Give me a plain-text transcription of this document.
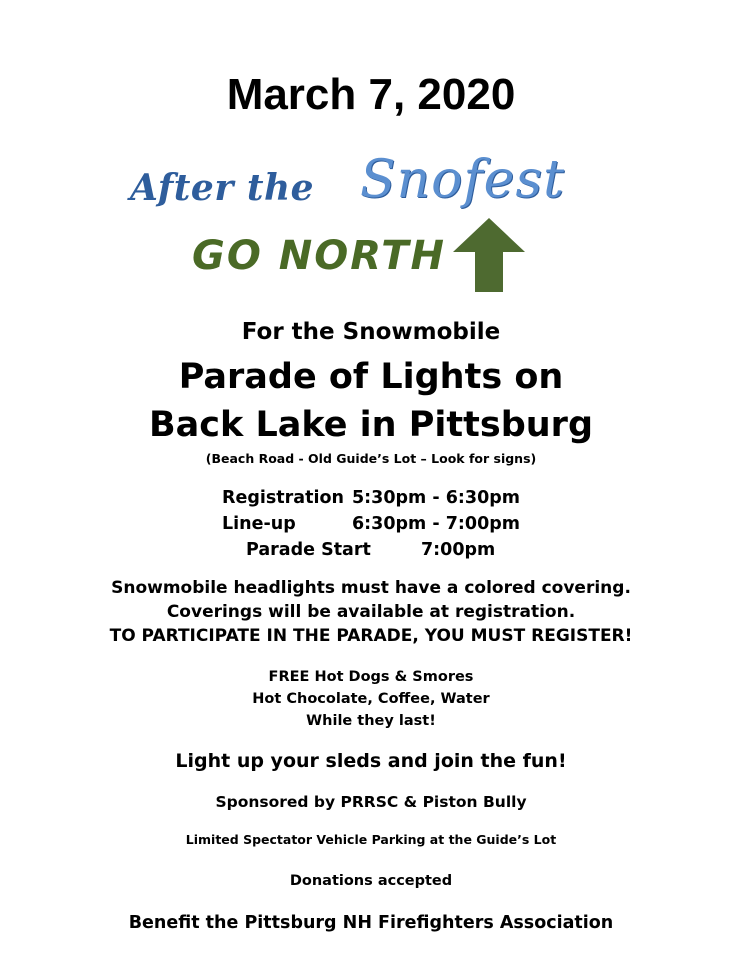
March 7, 2020
After the Snofest
GO NORTH
For the Snowmobile
Parade of Lights on
Back Lake in Pittsburg
(Beach Road - Old Guide’s Lot – Look for signs)
Registration 5:30pm - 6:30pm
Line-up	6:30pm - 7:00pm
Parade Start	7:00pm
Snowmobile headlights must have a colored covering.
Coverings will be available at registration.
TO PARTICIPATE IN THE PARADE, YOU MUST REGISTER!
FREE Hot Dogs & Smores
Hot Chocolate, Coffee, Water
While they last!
Light up your sleds and join the fun!
Sponsored by PRRSC & Piston Bully
Limited Spectator Vehicle Parking at the Guide’s Lot
Donations accepted
Benefit the Pittsburg NH Firefighters Association
